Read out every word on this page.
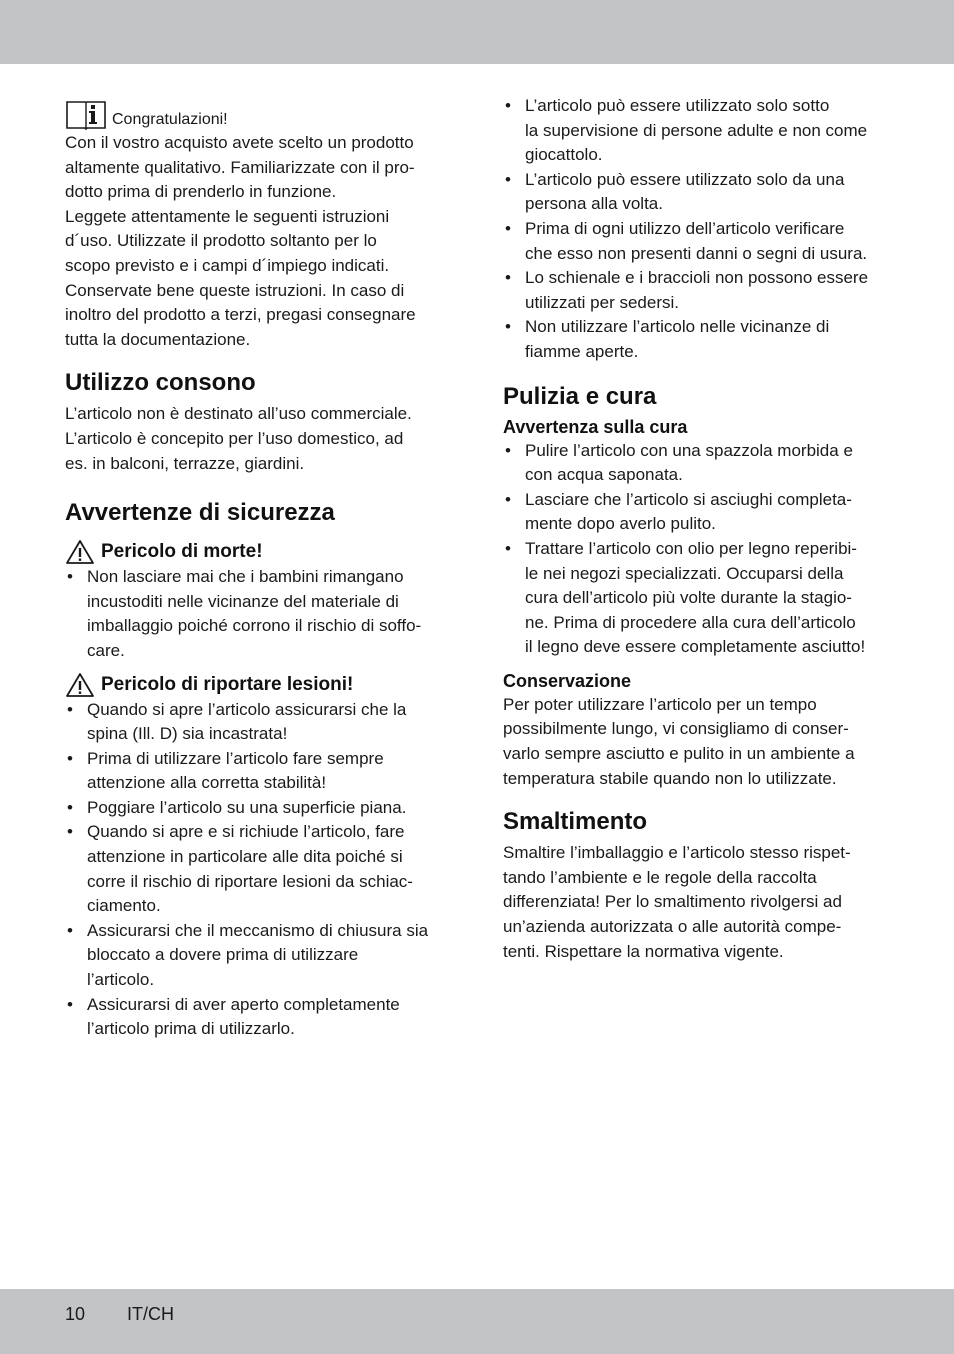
Congratulazioni!

Con il vostro acquisto avete scelto un prodotto

altamente qualitativo. Familiarizzate con il pro-

dotto prima di prenderlo in funzione.

Leggete attentamente le seguenti istruzioni

d´uso. Utilizzate il prodotto soltanto per lo

scopo previsto e i campi d´impiego indicati.

Conservate bene queste istruzioni. In caso di

inoltro del prodotto a terzi, pregasi consegnare

tutta la documentazione.

Utilizzo consono

L’articolo non è destinato all’uso commerciale.

L’articolo è concepito per l’uso domestico, ad

es. in balconi, terrazze, giardini.

Avvertenze di sicurezza
Pericolo di morte!
• Non lasciare mai che i bambini rimangano
incustoditi nelle vicinanze del materiale di
imballaggio poiché corrono il rischio di soffo-
care.
Pericolo di riportare lesioni!
• Quando si apre l’articolo assicurarsi che la
spina (Ill. D) sia incastrata!
• Prima di utilizzare l’articolo fare sempre
attenzione alla corretta stabilità!
• Poggiare l’articolo su una superficie piana.
• Quando si apre e si richiude l’articolo, fare
attenzione in particolare alle dita poiché si
corre il rischio di riportare lesioni da schiac-
ciamento.
• Assicurarsi che il meccanismo di chiusura sia
bloccato a dovere prima di utilizzare
l’articolo.
• Assicurarsi di aver aperto completamente
l’articolo prima di utilizzarlo.
• L’articolo può essere utilizzato solo sotto
la supervisione di persone adulte e non come
giocattolo.
• L’articolo può essere utilizzato solo da una
persona alla volta.
• Prima di ogni utilizzo dell’articolo verificare
che esso non presenti danni o segni di usura.
• Lo schienale e i braccioli non possono essere
utilizzati per sedersi.
• Non utilizzare l’articolo nelle vicinanze di
fiamme aperte.
Pulizia e cura
Avvertenza sulla cura
• Pulire l’articolo con una spazzola morbida e
con acqua saponata.
• Lasciare che l’articolo si asciughi completa-
mente dopo averlo pulito.
• Trattare l’articolo con olio per legno reperibi-
le nei negozi specializzati. Occuparsi della
cura dell’articolo più volte durante la stagio-
ne. Prima di procedere alla cura dell’articolo
il legno deve essere completamente asciutto!
Conservazione

Per poter utilizzare l’articolo per un tempo

possibilmente lungo, vi consigliamo di conser-

varlo sempre asciutto e pulito in un ambiente a

temperatura stabile quando non lo utilizzate.

Smaltimento

Smaltire l’imballaggio e l’articolo stesso rispet-

tando l’ambiente e le regole della raccolta

differenziata! Per lo smaltimento rivolgersi ad

un’azienda autorizzata o alle autorità compe-

tenti. Rispettare la normativa vigente.

10 IT/CH
